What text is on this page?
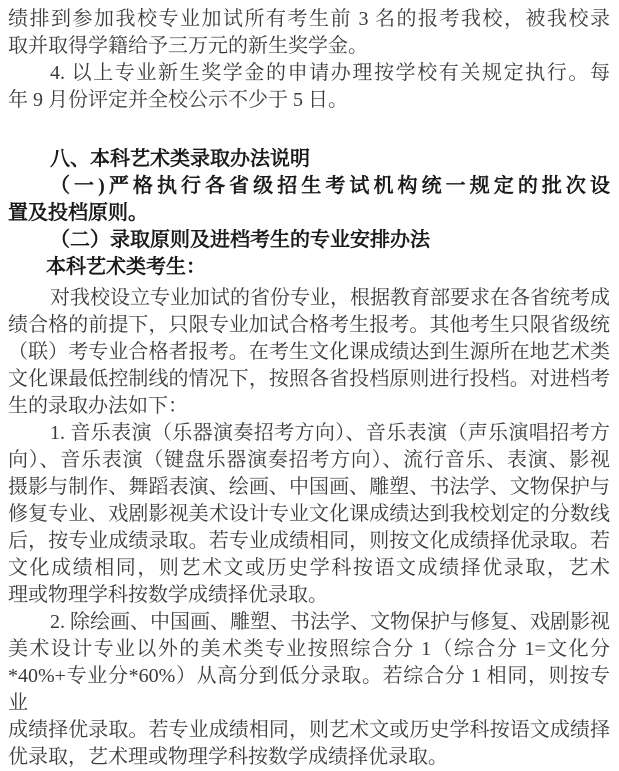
绩排到参加我校专业加试所有考生前 3 名的报考我校，被我校录
取并取得学籍给予三万元的新生奖学金。
4. 以上专业新生奖学金的申请办理按学校有关规定执行。每
年 9 月份评定并全校公示不少于 5 日。
八、本科艺术类录取办法说明
（一)严格执行各省级招生考试机构统一规定的批次设
置及投档原则。
（二）录取原则及进档考生的专业安排办法
本科艺术类考生：
对我校设立专业加试的省份专业，根据教育部要求在各省统考成
绩合格的前提下，只限专业加试合格考生报考。其他考生只限省级统
（联）考专业合格者报考。在考生文化课成绩达到生源所在地艺术类
文化课最低控制线的情况下，按照各省投档原则进行投档。对进档考
生的录取办法如下：
1. 音乐表演（乐器演奏招考方向）、音乐表演（声乐演唱招考方
向）、音乐表演（键盘乐器演奏招考方向）、流行音乐、表演、影视
摄影与制作、舞蹈表演、绘画、中国画、雕塑、书法学、文物保护与
修复专业、戏剧影视美术设计专业文化课成绩达到我校划定的分数线
后，按专业成绩录取。若专业成绩相同，则按文化成绩择优录取。若
文化成绩相同，则艺术文或历史学科按语文成绩择优录取，艺术
理或物理学科按数学成绩择优录取。
2. 除绘画、中国画、雕塑、书法学、文物保护与修复、戏剧影视
美术设计专业以外的美术类专业按照综合分 1（综合分 1=文化分
*40%+专业分*60%）从高分到低分录取。若综合分 1 相同，则按专业
成绩择优录取。若专业成绩相同，则艺术文或历史学科按语文成绩择
优录取，艺术理或物理学科按数学成绩择优录取。
